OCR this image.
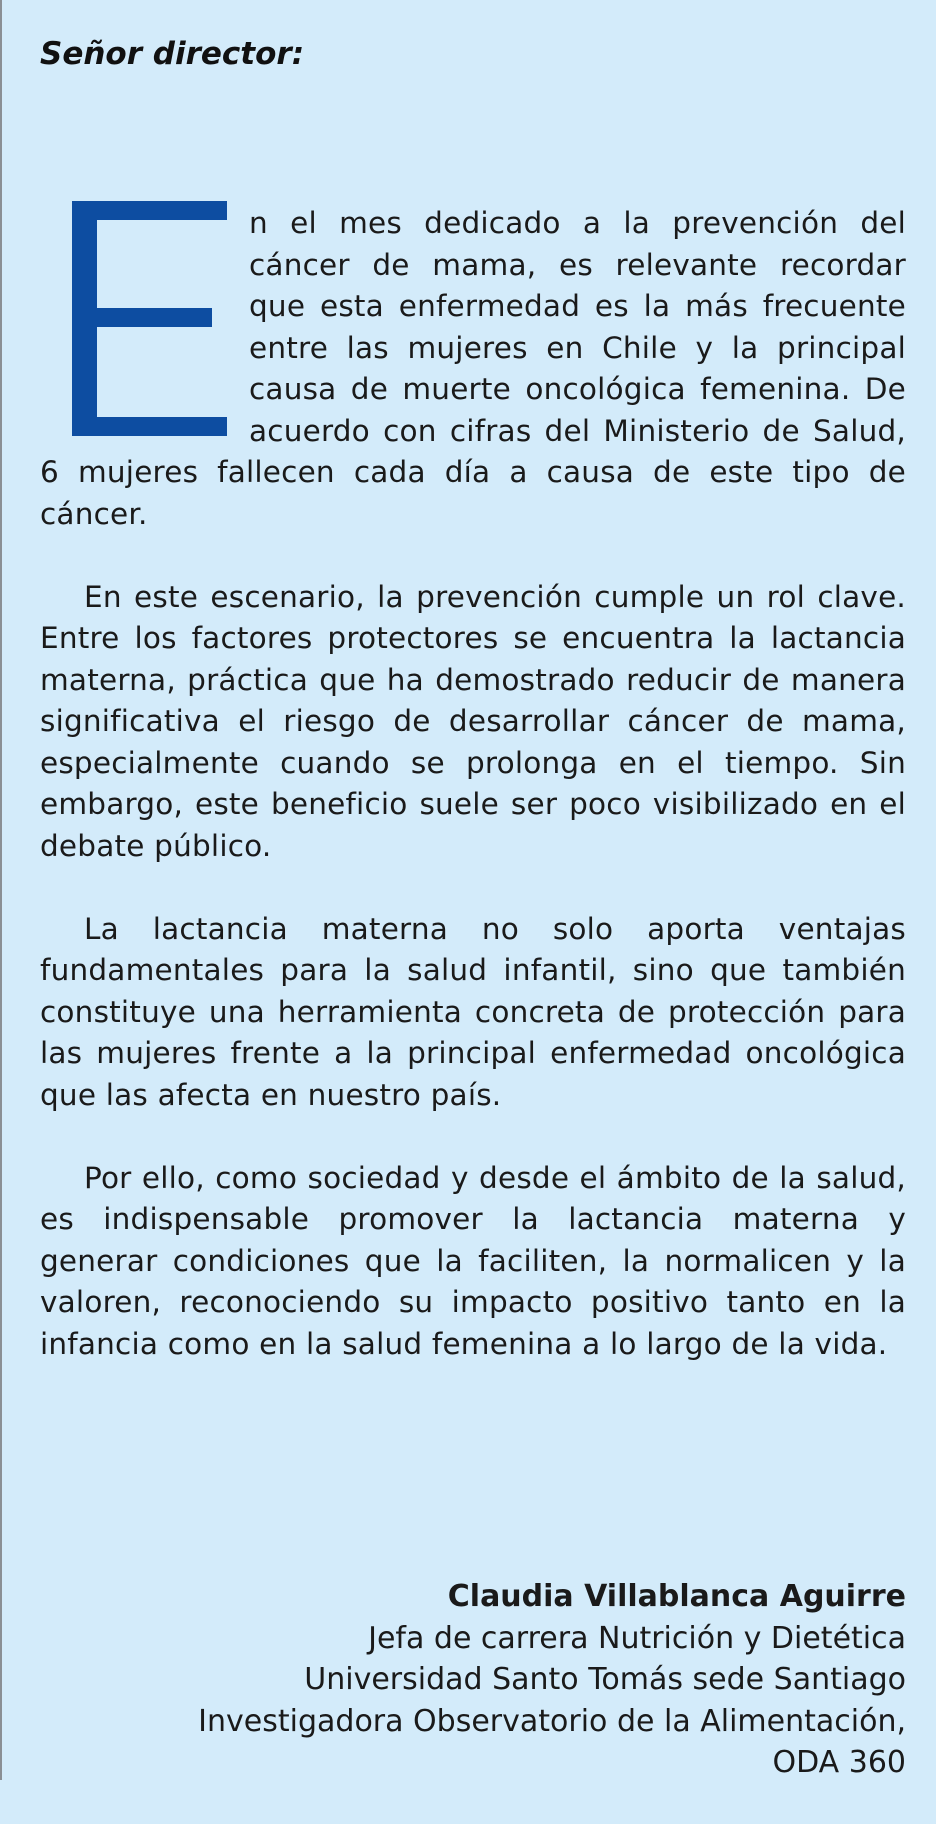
Señor director:

n el mes dedicado a la prevención del cáncer de mama, es relevante recordar que esta enfermedad es la más frecuente entre las mujeres en Chile y la principal causa de muerte oncológica femenina. De acuerdo con cifras del Ministerio de Salud, 6 mujeres fallecen cada día a causa de este tipo de cáncer.

En este escenario, la prevención cumple un rol clave. Entre los factores protectores se encuentra la lactancia materna, práctica que ha demostrado reducir de manera significativa el riesgo de desarrollar cáncer de mama, especialmente cuando se prolonga en el tiempo. Sin embargo, este beneficio suele ser poco visibilizado en el debate público.

La lactancia materna no solo aporta ventajas fundamentales para la salud infantil, sino que también constituye una herramienta concreta de protección para las mujeres frente a la principal enfermedad oncológica que las afecta en nuestro país.

Por ello, como sociedad y desde el ámbito de la salud, es indispensable promover la lactancia materna y generar condiciones que la faciliten, la normalicen y la valoren, reconociendo su impacto positivo tanto en la infancia como en la salud femenina a lo largo de la vida.

Claudia Villablanca Aguirre
Jefa de carrera Nutrición y Dietética
Universidad Santo Tomás sede Santiago
Investigadora Observatorio de la Alimentación,
ODA 360
